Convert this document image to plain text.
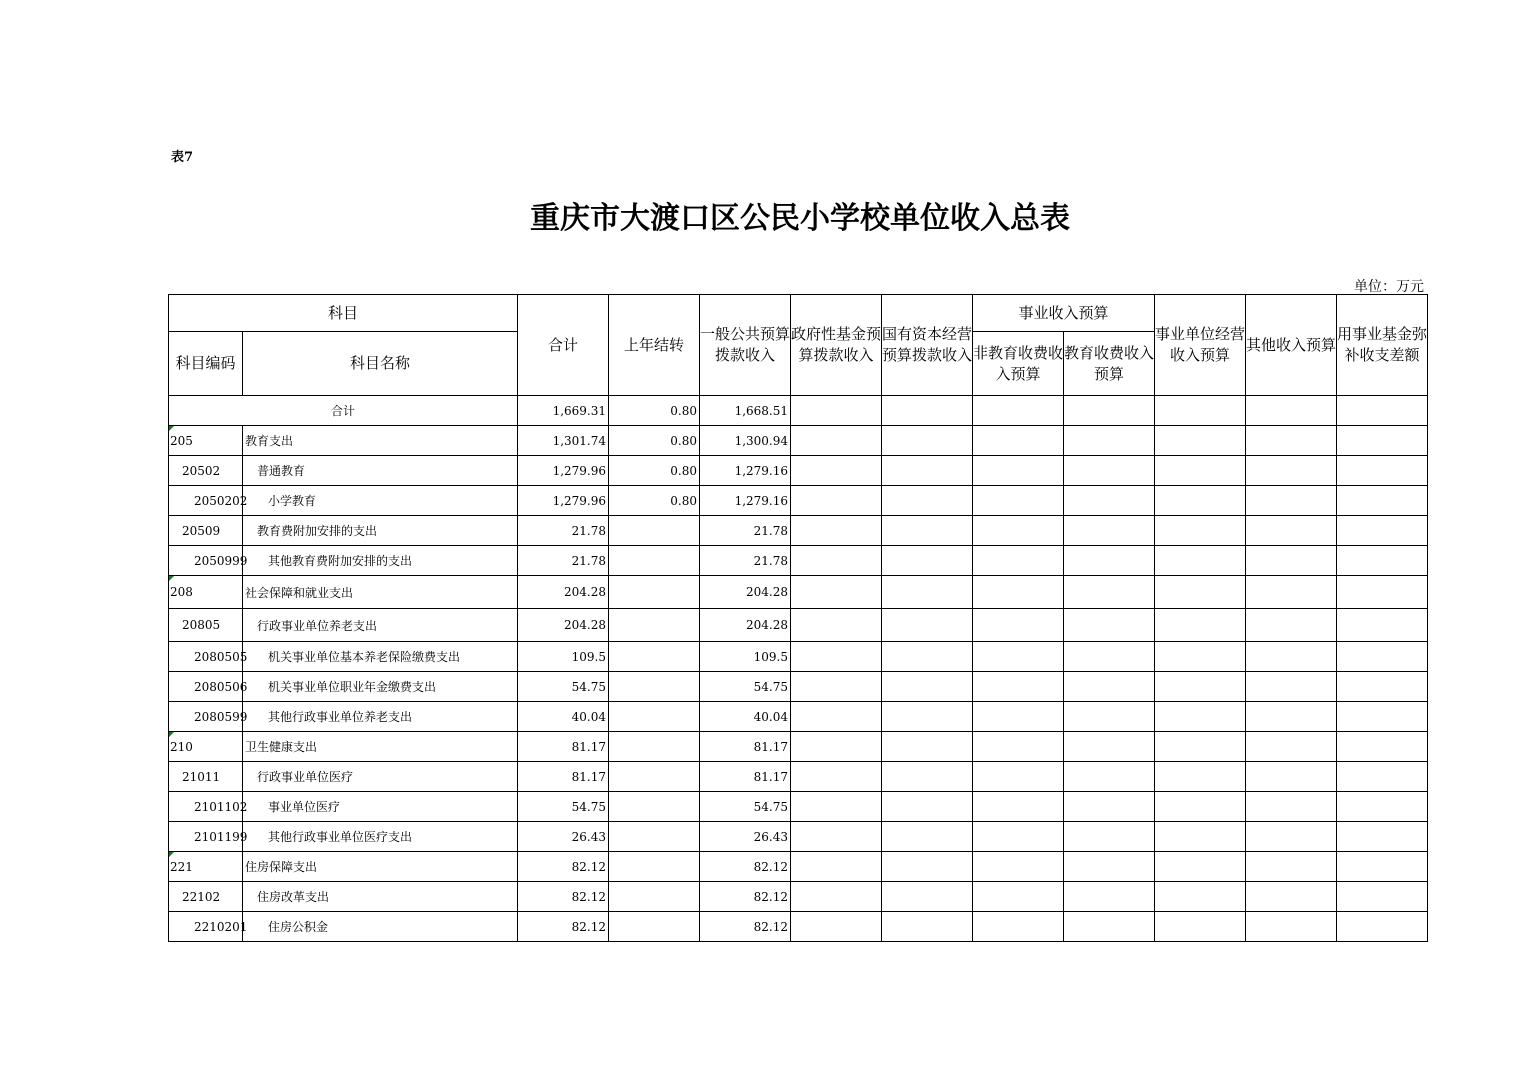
表7
重庆市大渡口区公民小学校单位收入总表
单位：万元
科目		合计	上年结转	一般公共预算拨款收入	政府性基金预算拨款收入	国有资本经营预算拨款收入	事业收入预算		事业单位经营收入预算	其他收入预算	用事业基金弥补收支差额
科目编码	科目名称						非教育收费收入预算	教育收费收入预算			
合计		1,669.31	0.80	1,668.51							
205	教育支出	1,301.74	0.80	1,300.94							
20502	普通教育	1,279.96	0.80	1,279.16							
2050202	小学教育	1,279.96	0.80	1,279.16							
20509	教育费附加安排的支出	21.78		21.78							
2050999	其他教育费附加安排的支出	21.78		21.78							
208	社会保障和就业支出	204.28		204.28							
20805	行政事业单位养老支出	204.28		204.28							
2080505	机关事业单位基本养老保险缴费支出	109.5		109.5							
2080506	机关事业单位职业年金缴费支出	54.75		54.75							
2080599	其他行政事业单位养老支出	40.04		40.04							
210	卫生健康支出	81.17		81.17							
21011	行政事业单位医疗	81.17		81.17							
2101102	事业单位医疗	54.75		54.75							
2101199	其他行政事业单位医疗支出	26.43		26.43							
221	住房保障支出	82.12		82.12							
22102	住房改革支出	82.12		82.12							
2210201	住房公积金	82.12		82.12							
